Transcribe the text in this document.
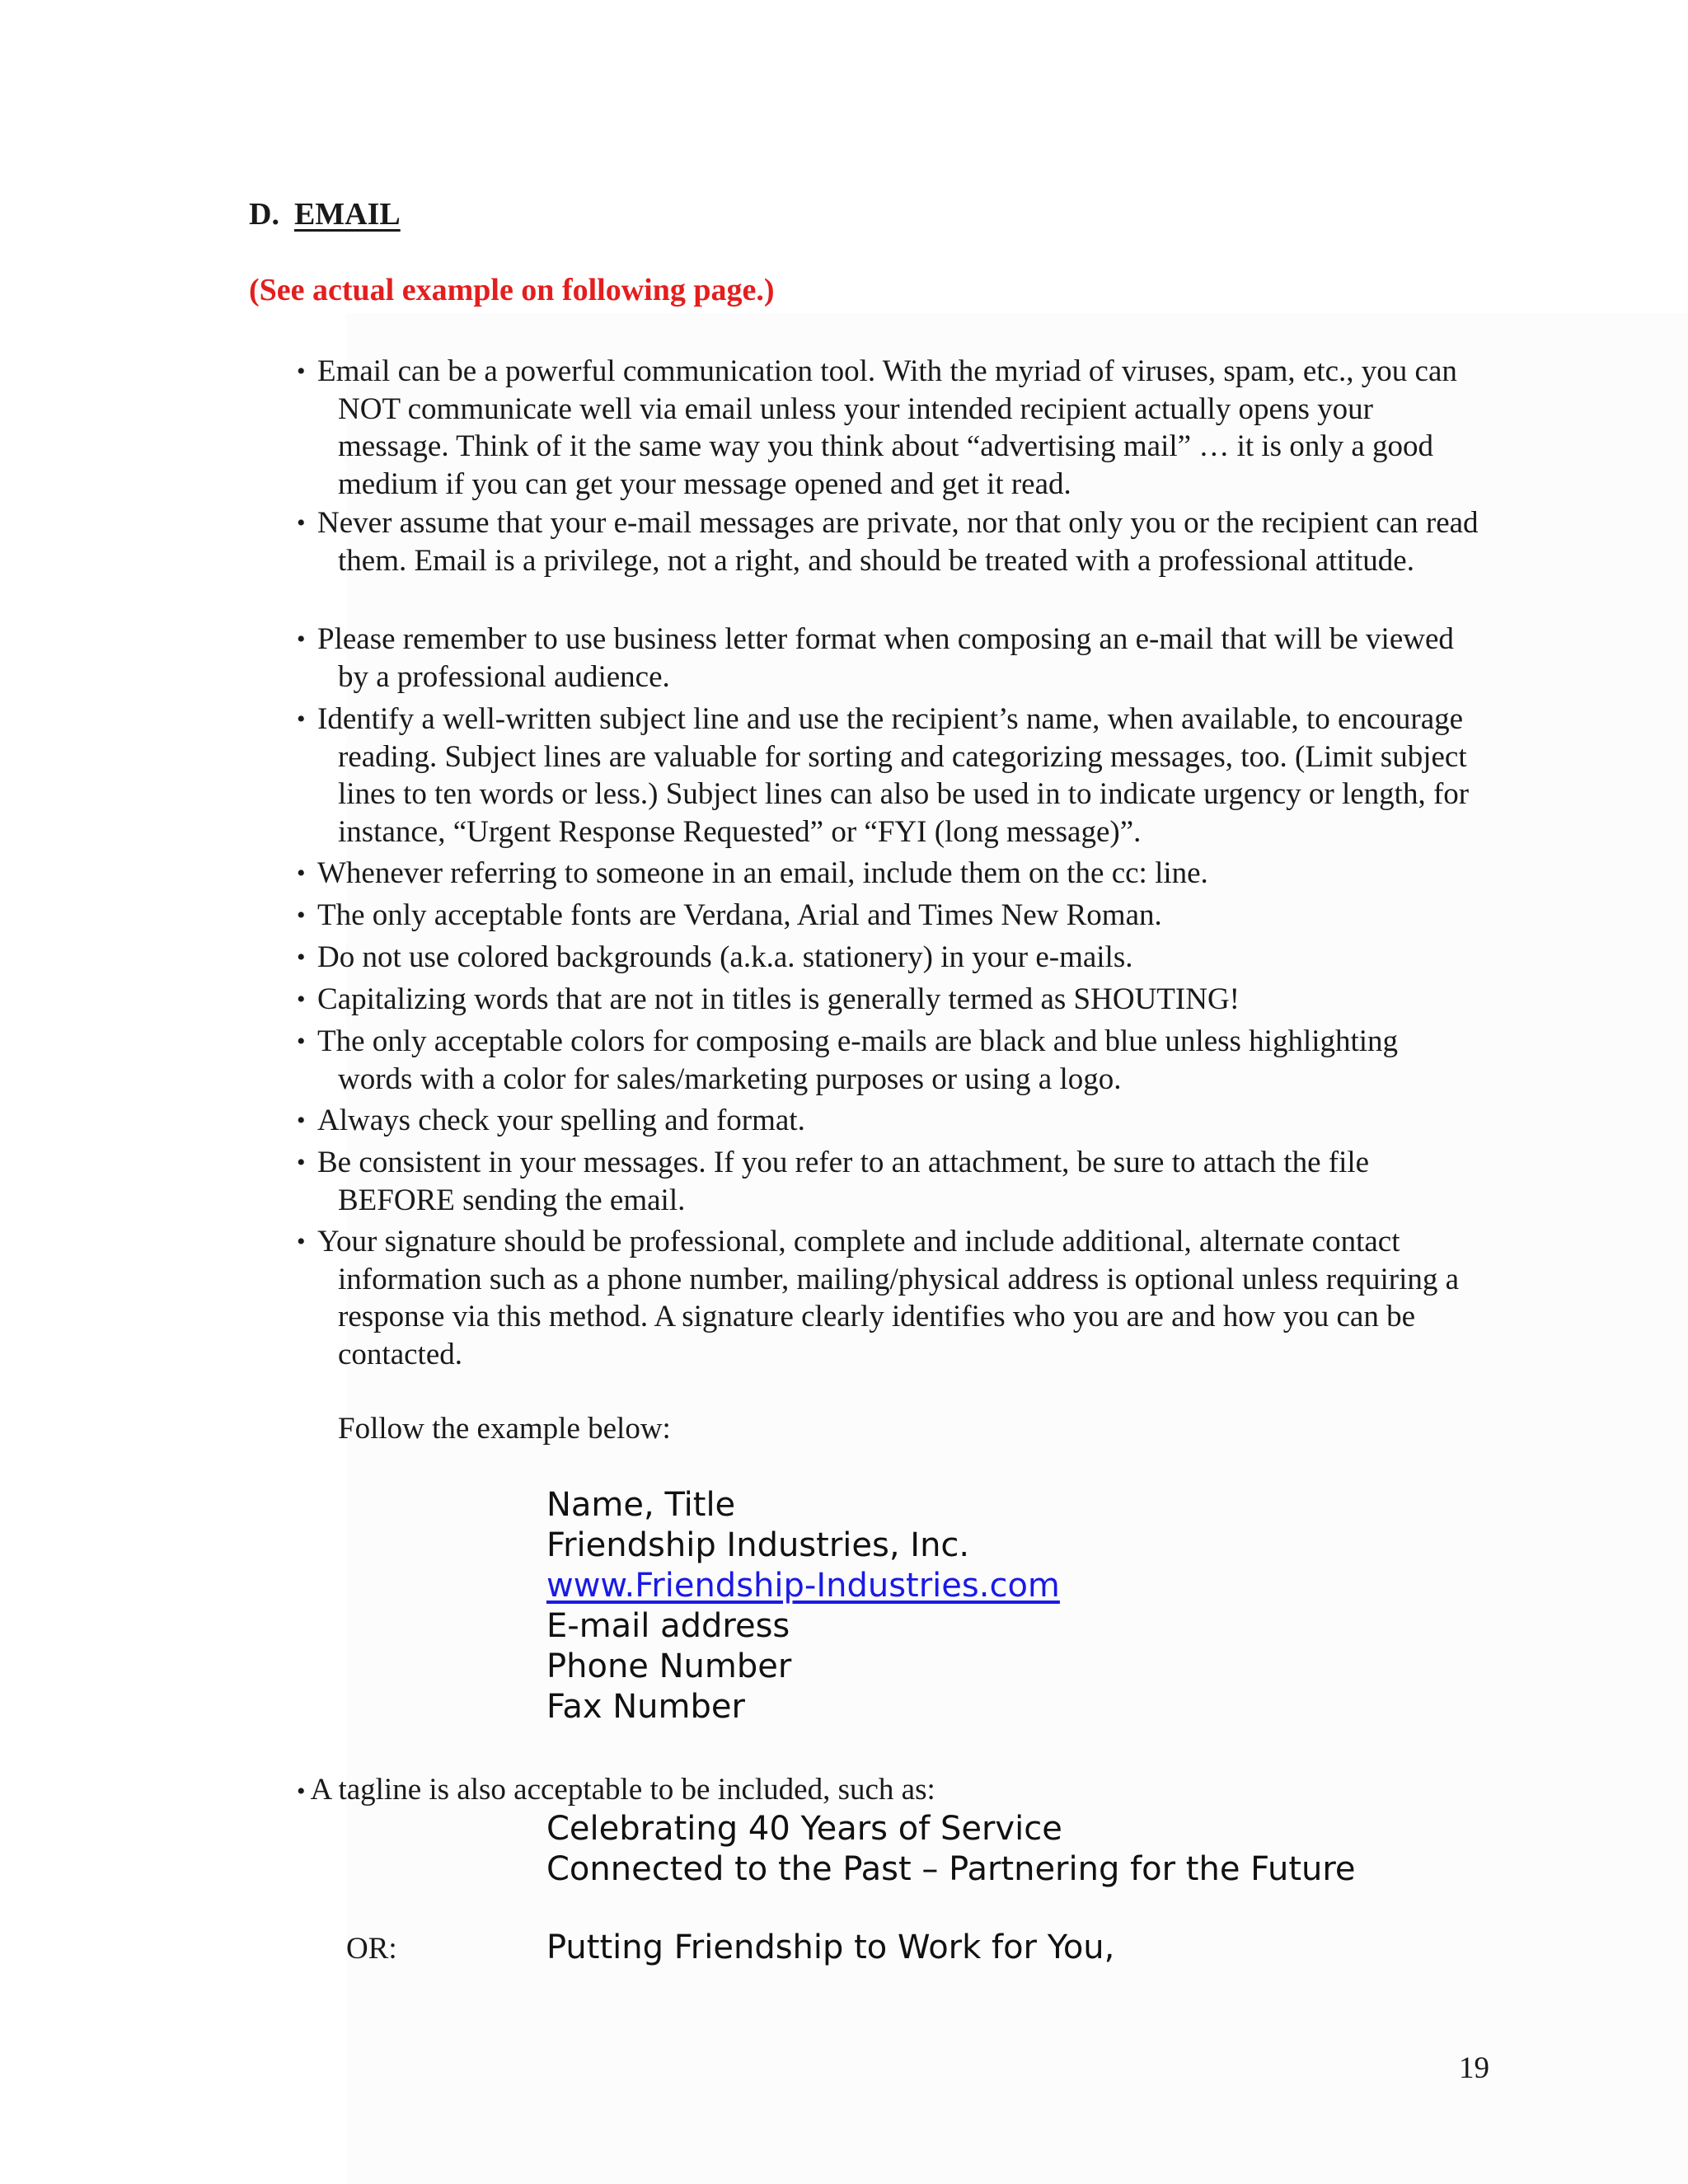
D. EMAIL
(See actual example on following page.)
• Email can be a powerful communication tool. With the myriad of viruses, spam, etc., you can NOT communicate well via email unless your intended recipient actually opens your message. Think of it the same way you think about “advertising mail” … it is only a good medium if you can get your message opened and get it read.
• Never assume that your e-mail messages are private, nor that only you or the recipient can read them. Email is a privilege, not a right, and should be treated with a professional attitude.
• Please remember to use business letter format when composing an e-mail that will be viewed by a professional audience.
• Identify a well-written subject line and use the recipient’s name, when available, to encourage reading. Subject lines are valuable for sorting and categorizing messages, too. (Limit subject lines to ten words or less.) Subject lines can also be used in to indicate urgency or length, for instance, “Urgent Response Requested” or “FYI (long message)”.
• Whenever referring to someone in an email, include them on the cc: line.
• The only acceptable fonts are Verdana, Arial and Times New Roman.
• Do not use colored backgrounds (a.k.a. stationery) in your e-mails.
• Capitalizing words that are not in titles is generally termed as SHOUTING!
• The only acceptable colors for composing e-mails are black and blue unless highlighting words with a color for sales/marketing purposes or using a logo.
• Always check your spelling and format.
• Be consistent in your messages. If you refer to an attachment, be sure to attach the file BEFORE sending the email.
• Your signature should be professional, complete and include additional, alternate contact information such as a phone number, mailing/physical address is optional unless requiring a response via this method. A signature clearly identifies who you are and how you can be contacted.
Follow the example below:
Name, Title
Friendship Industries, Inc.
www.Friendship-Industries.com
E-mail address
Phone Number
Fax Number
• A tagline is also acceptable to be included, such as:
Celebrating 40 Years of Service
Connected to the Past – Partnering for the Future
OR:	Putting Friendship to Work for You,
19
